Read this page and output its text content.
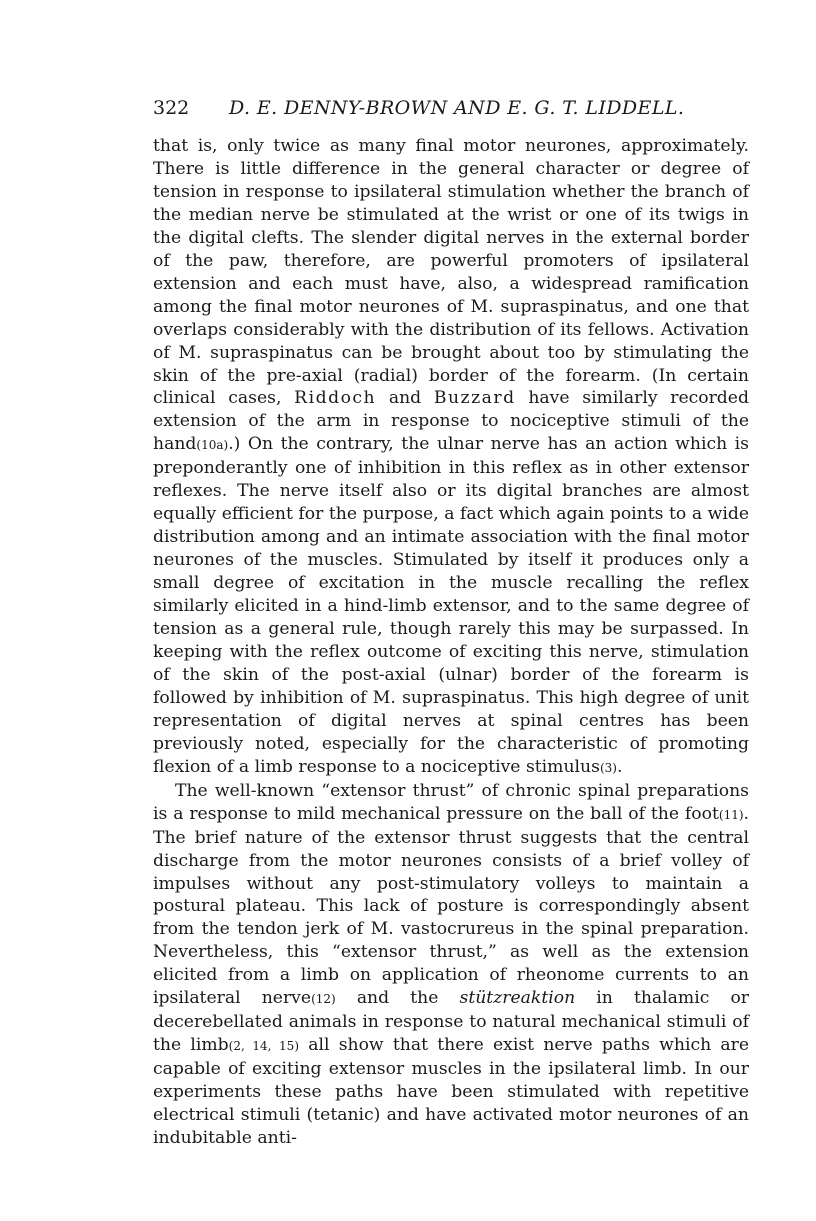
322 D. E. DENNY-BROWN AND E. G. T. LIDDELL.

that is, only twice as many final motor neurones, approximately. There is little difference in the general character or degree of tension in response to ipsilateral stimulation whether the branch of the median nerve be stimulated at the wrist or one of its twigs in the digital clefts. The slender digital nerves in the external border of the paw, therefore, are powerful promoters of ipsilateral extension and each must have, also, a widespread ramification among the final motor neurones of M. supraspinatus, and one that overlaps considerably with the distribution of its fellows. Activation of M. supraspinatus can be brought about too by stimulating the skin of the pre-axial (radial) border of the forearm. (In certain clinical cases, Riddoch and Buzzard have similarly recorded extension of the arm in response to nociceptive stimuli of the hand(10a).) On the contrary, the ulnar nerve has an action which is preponderantly one of inhibition in this reflex as in other extensor reflexes. The nerve itself also or its digital branches are almost equally efficient for the purpose, a fact which again points to a wide distribution among and an intimate association with the final motor neurones of the muscles. Stimulated by itself it produces only a small degree of excitation in the muscle recalling the reflex similarly elicited in a hind-limb extensor, and to the same degree of tension as a general rule, though rarely this may be surpassed. In keeping with the reflex outcome of exciting this nerve, stimulation of the skin of the post-axial (ulnar) border of the forearm is followed by inhibition of M. supraspinatus. This high degree of unit representation of digital nerves at spinal centres has been previously noted, especially for the characteristic of promoting flexion of a limb response to a nociceptive stimulus(3).

The well-known “extensor thrust” of chronic spinal preparations is a response to mild mechanical pressure on the ball of the foot(11). The brief nature of the extensor thrust suggests that the central discharge from the motor neurones consists of a brief volley of impulses without any post-stimulatory volleys to maintain a postural plateau. This lack of posture is correspondingly absent from the tendon jerk of M. vastocrureus in the spinal preparation. Nevertheless, this “extensor thrust,” as well as the extension elicited from a limb on application of rheonome currents to an ipsilateral nerve(12) and the stützreaktion in thalamic or decerebellated animals in response to natural mechanical stimuli of the limb(2, 14, 15) all show that there exist nerve paths which are capable of exciting extensor muscles in the ipsilateral limb. In our experiments these paths have been stimulated with repetitive electrical stimuli (tetanic) and have activated motor neurones of an indubitable anti-
